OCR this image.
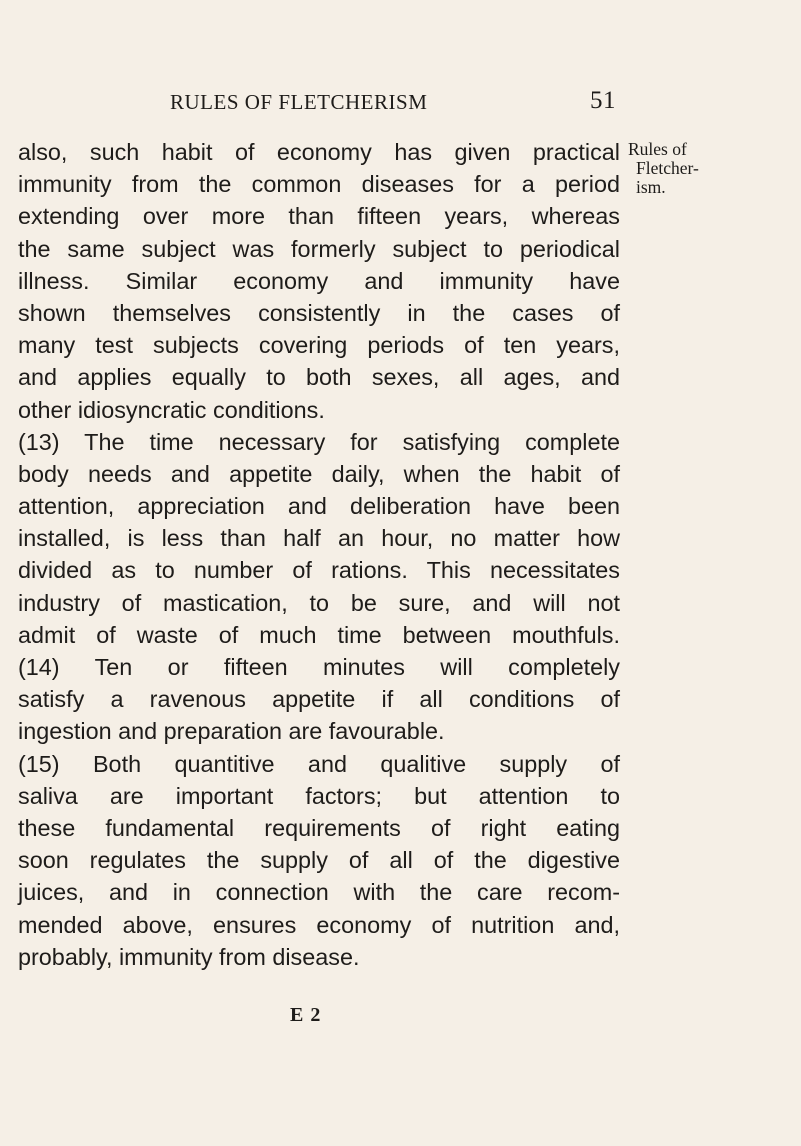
RULES OF FLETCHERISM	51
also, such habit of economy has given practical
immunity from the common diseases for a period
extending over more than fifteen years, whereas
the same subject was formerly subject to periodical
illness. Similar economy and immunity have
shown themselves consistently in the cases of
many test subjects covering periods of ten years,
and applies equally to both sexes, all ages, and
other idiosyncratic conditions.
(13) The time necessary for satisfying complete
body needs and appetite daily, when the habit of
attention, appreciation and deliberation have been
installed, is less than half an hour, no matter how
divided as to number of rations. This necessitates
industry of mastication, to be sure, and will not
admit of waste of much time between mouthfuls.
(14) Ten or fifteen minutes will completely
satisfy a ravenous appetite if all conditions of
ingestion and preparation are favourable.
(15) Both quantitive and qualitive supply of
saliva are important factors; but attention to
these fundamental requirements of right eating
soon regulates the supply of all of the digestive
juices, and in connection with the care recom-
mended above, ensures economy of nutrition and,
probably, immunity from disease.
Rules of
Fletcher-
ism.
E 2
